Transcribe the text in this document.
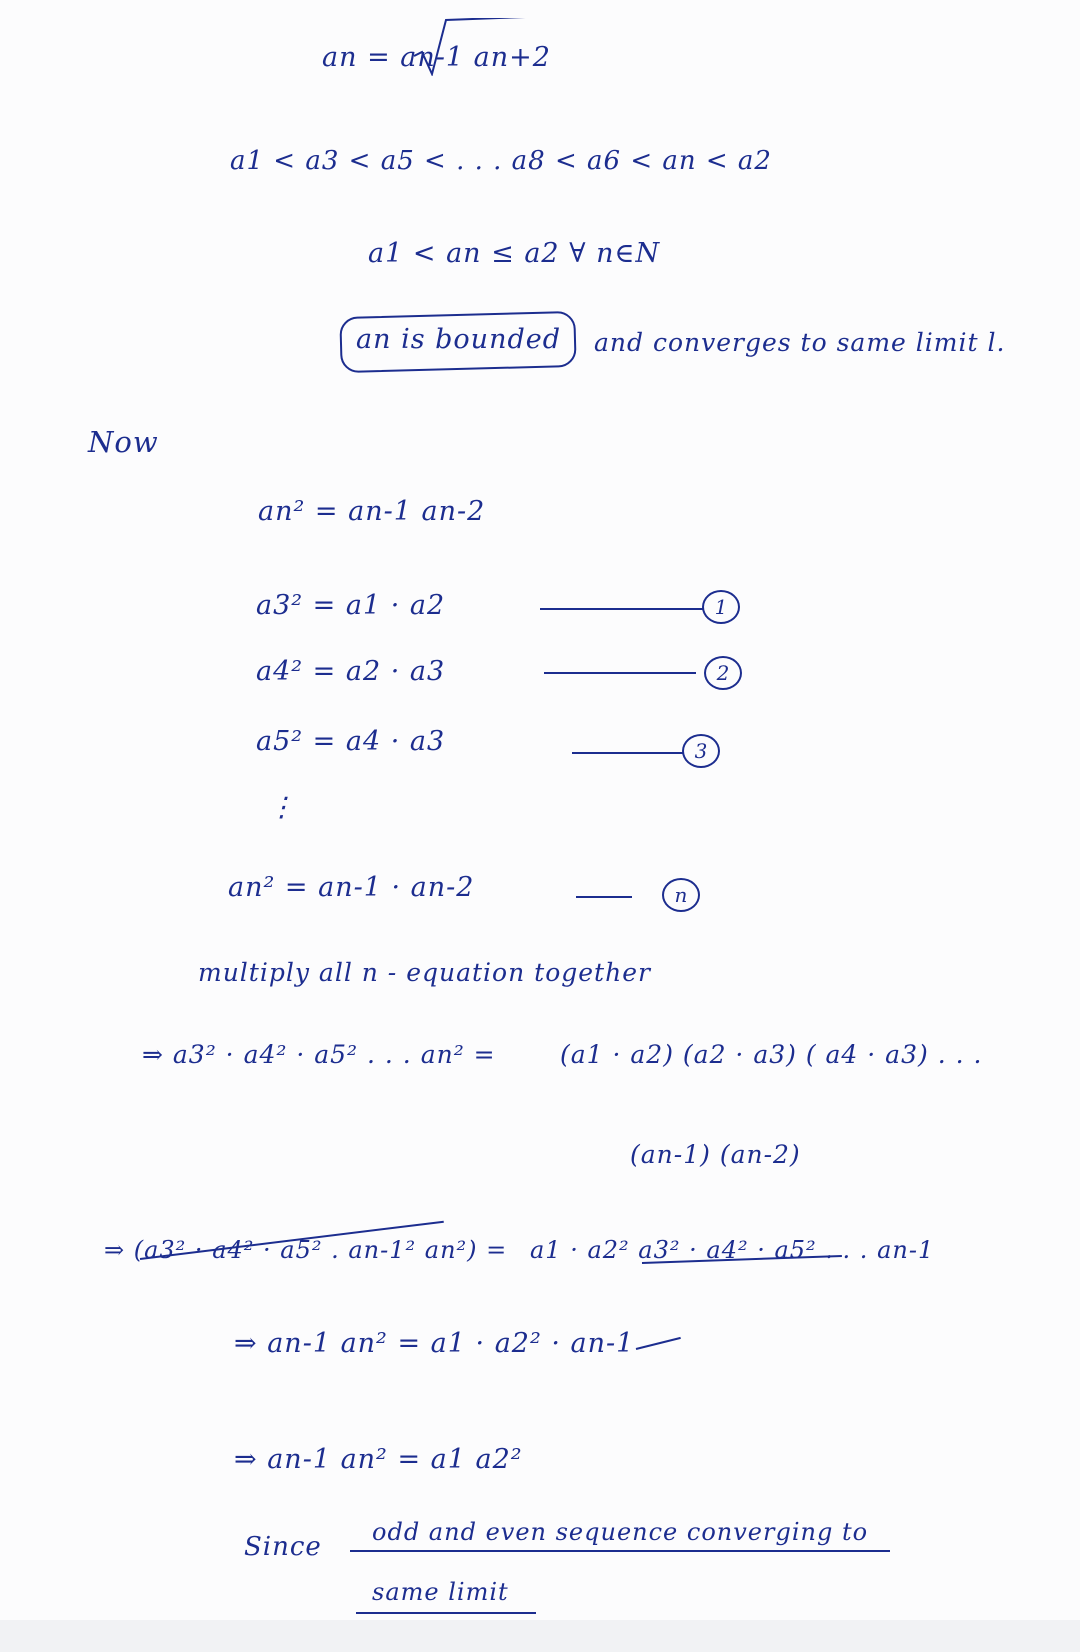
an = an-1 an+2
a1 < a3 < a5 < . . . a8 < a6 < an < a2
a1 < an ≤ a2 ∀ n∈N
an is bounded and converges to same limit l.
Now
an² = an-1 an-2
a3² = a1 · a2	1
a4² = a2 · a3	2
a5² = a4 · a3	3
⋮
an² = an-1 · an-2	n
multiply all n - equation together
⇒ a3² · a4² · a5² . . . an² =	(a1 · a2) (a2 · a3) ( a4 · a3) . . .
(an-1) (an-2)
⇒ (a3² · a4² · a5² . an-1² an²) = a1 · a2² a3² · a4² · a5² . . . an-1
⇒ an-1 an² = a1 · a2² · an-1
⇒ an-1 an² = a1 a2²
Since odd and even sequence converging to
same limit
